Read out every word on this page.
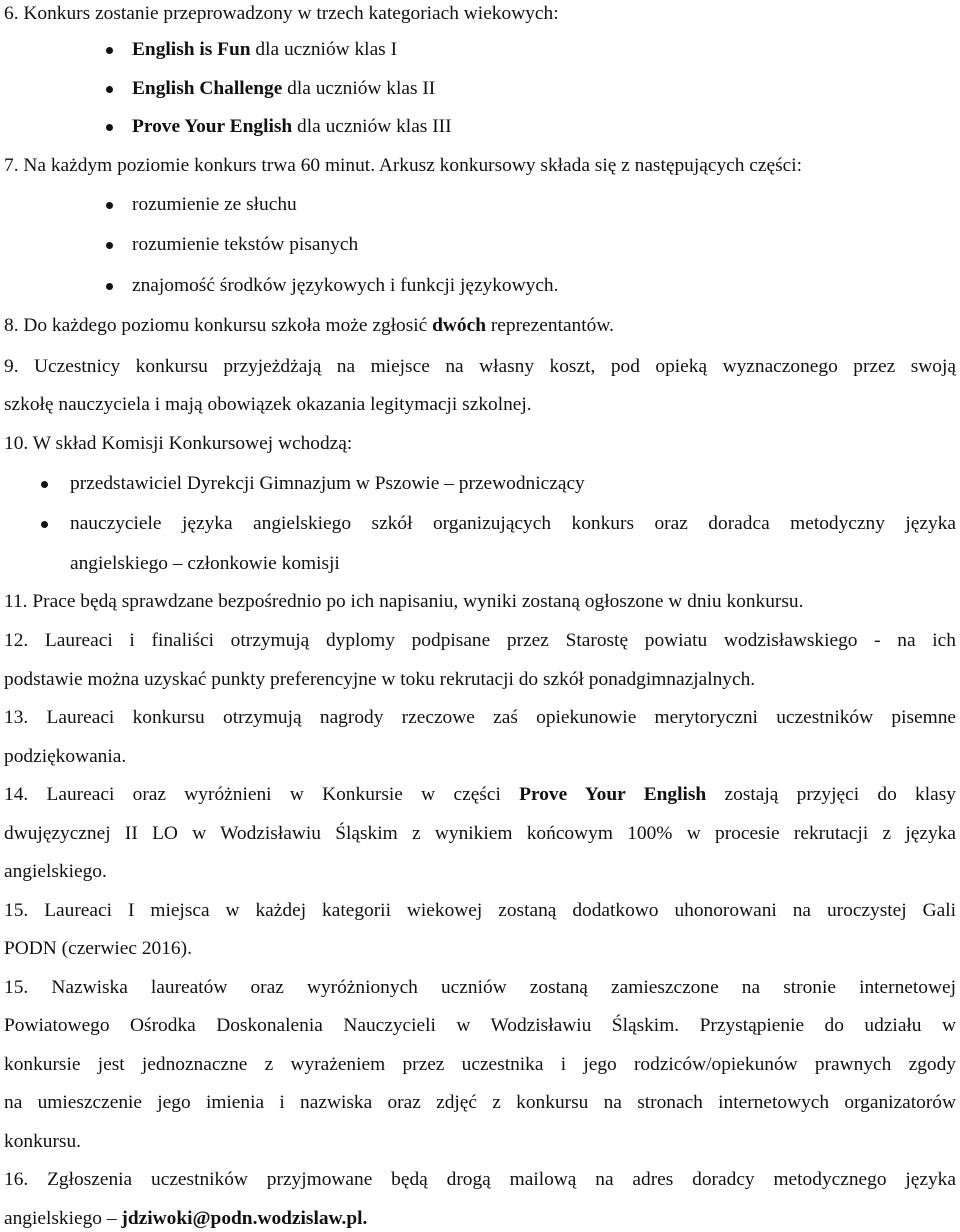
6. Konkurs zostanie przeprowadzony w trzech kategoriach wiekowych:
English is Fun dla uczniów klas I
English Challenge dla uczniów klas II
Prove Your English dla uczniów klas III
7. Na każdym poziomie konkurs trwa 60 minut. Arkusz konkursowy składa się z następujących części:
rozumienie ze słuchu
rozumienie tekstów pisanych
znajomość środków językowych i funkcji językowych.
8. Do każdego poziomu konkursu szkoła może zgłosić dwóch reprezentantów.
9. Uczestnicy konkursu przyjeżdżają na miejsce na własny koszt, pod opieką wyznaczonego przez swoją
szkołę nauczyciela i mają obowiązek okazania legitymacji szkolnej.
10. W skład Komisji Konkursowej wchodzą:
przedstawiciel Dyrekcji Gimnazjum w Pszowie – przewodniczący
nauczyciele języka angielskiego szkół organizujących konkurs oraz doradca metodyczny języka
angielskiego – członkowie komisji
11. Prace będą sprawdzane bezpośrednio po ich napisaniu, wyniki zostaną ogłoszone w dniu konkursu.
12. Laureaci i finaliści otrzymują dyplomy podpisane przez Starostę powiatu wodzisławskiego - na ich
podstawie można uzyskać punkty preferencyjne w toku rekrutacji do szkół ponadgimnazjalnych.
13. Laureaci konkursu otrzymują nagrody rzeczowe zaś opiekunowie merytoryczni uczestników pisemne
podziękowania.
14. Laureaci oraz wyróżnieni w Konkursie w części Prove Your English zostają przyjęci do klasy
dwujęzycznej II LO w Wodzisławiu Śląskim z wynikiem końcowym 100% w procesie rekrutacji z języka
angielskiego.
15. Laureaci I miejsca w każdej kategorii wiekowej zostaną dodatkowo uhonorowani na uroczystej Gali
PODN (czerwiec 2016).
15. Nazwiska laureatów oraz wyróżnionych uczniów zostaną zamieszczone na stronie internetowej
Powiatowego Ośrodka Doskonalenia Nauczycieli w Wodzisławiu Śląskim. Przystąpienie do udziału w
konkursie jest jednoznaczne z wyrażeniem przez uczestnika i jego rodziców/opiekunów prawnych zgody
na umieszczenie jego imienia i nazwiska oraz zdjęć z konkursu na stronach internetowych organizatorów
konkursu.
16. Zgłoszenia uczestników przyjmowane będą drogą mailową na adres doradcy metodycznego języka
angielskiego – jdziwoki@podn.wodzislaw.pl.
